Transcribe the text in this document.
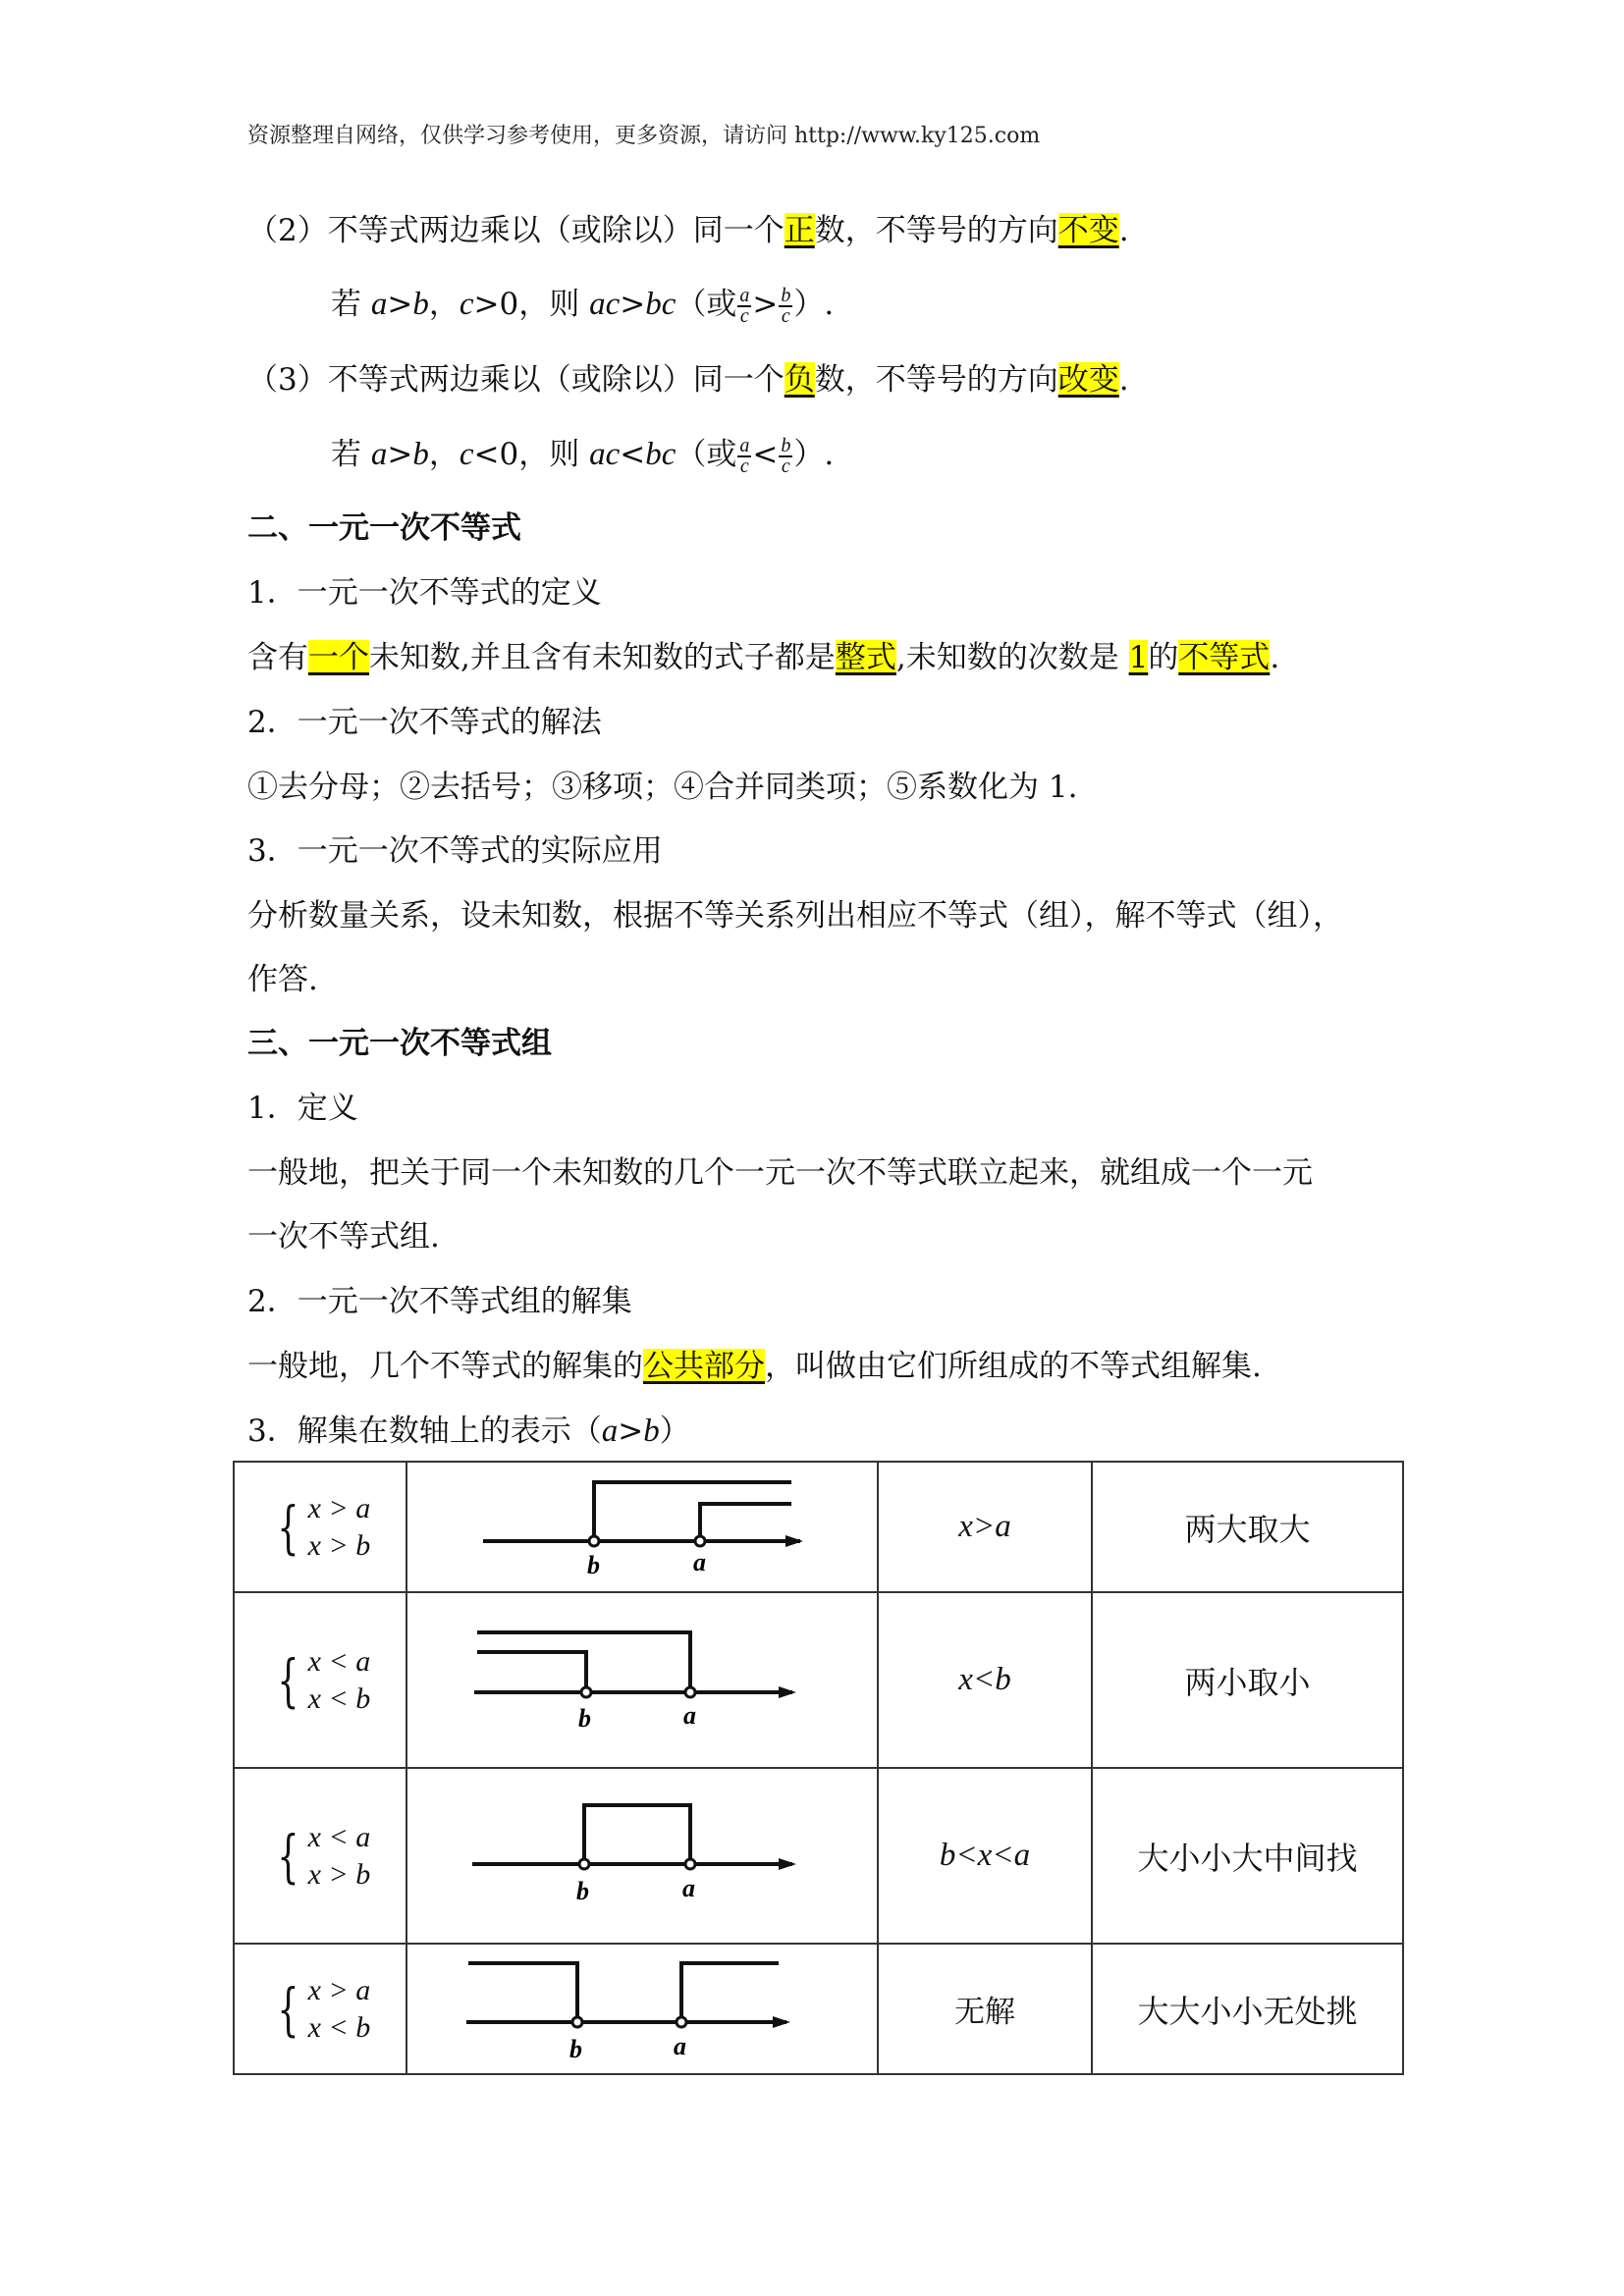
资源整理自网络，仅供学习参考使用，更多资源，请访问 http://www.ky125.com
（2）不等式两边乘以（或除以）同一个正数，不等号的方向不变.
若 a>b，c>0，则 ac>bc（或 $\frac{a}{c} > \frac{b}{c}$ ）.
（3）不等式两边乘以（或除以）同一个负数，不等号的方向改变.
若 a>b，c<0，则 ac<bc（或 $\frac{a}{c} < \frac{b}{c}$ ）.
二、一元一次不等式
1．一元一次不等式的定义
含有一个未知数,并且含有未知数的式子都是整式,未知数的次数是 1的不等式.
2．一元一次不等式的解法
①去分母；②去括号；③移项；④合并同类项；⑤系数化为 1.
3．一元一次不等式的实际应用
分析数量关系，设未知数，根据不等关系列出相应不等式（组），解不等式（组），
作答.
三、一元一次不等式组
1．定义
一般地，把关于同一个未知数的几个一元一次不等式联立起来，就组成一个一元
一次不等式组.
2．一元一次不等式组的解集
一般地，几个不等式的解集的公共部分，叫做由它们所组成的不等式组解集.
3．解集在数轴上的表示（a>b）
{ x > a
x > b	b a	x>a	两大取大

{ x < a
x < b	b a	x<b	两小取小

{ x < a
x > b	b a	b<x<a	大小小大中间找

{ x > a
x < b	b a	无解	大大小小无处挑
